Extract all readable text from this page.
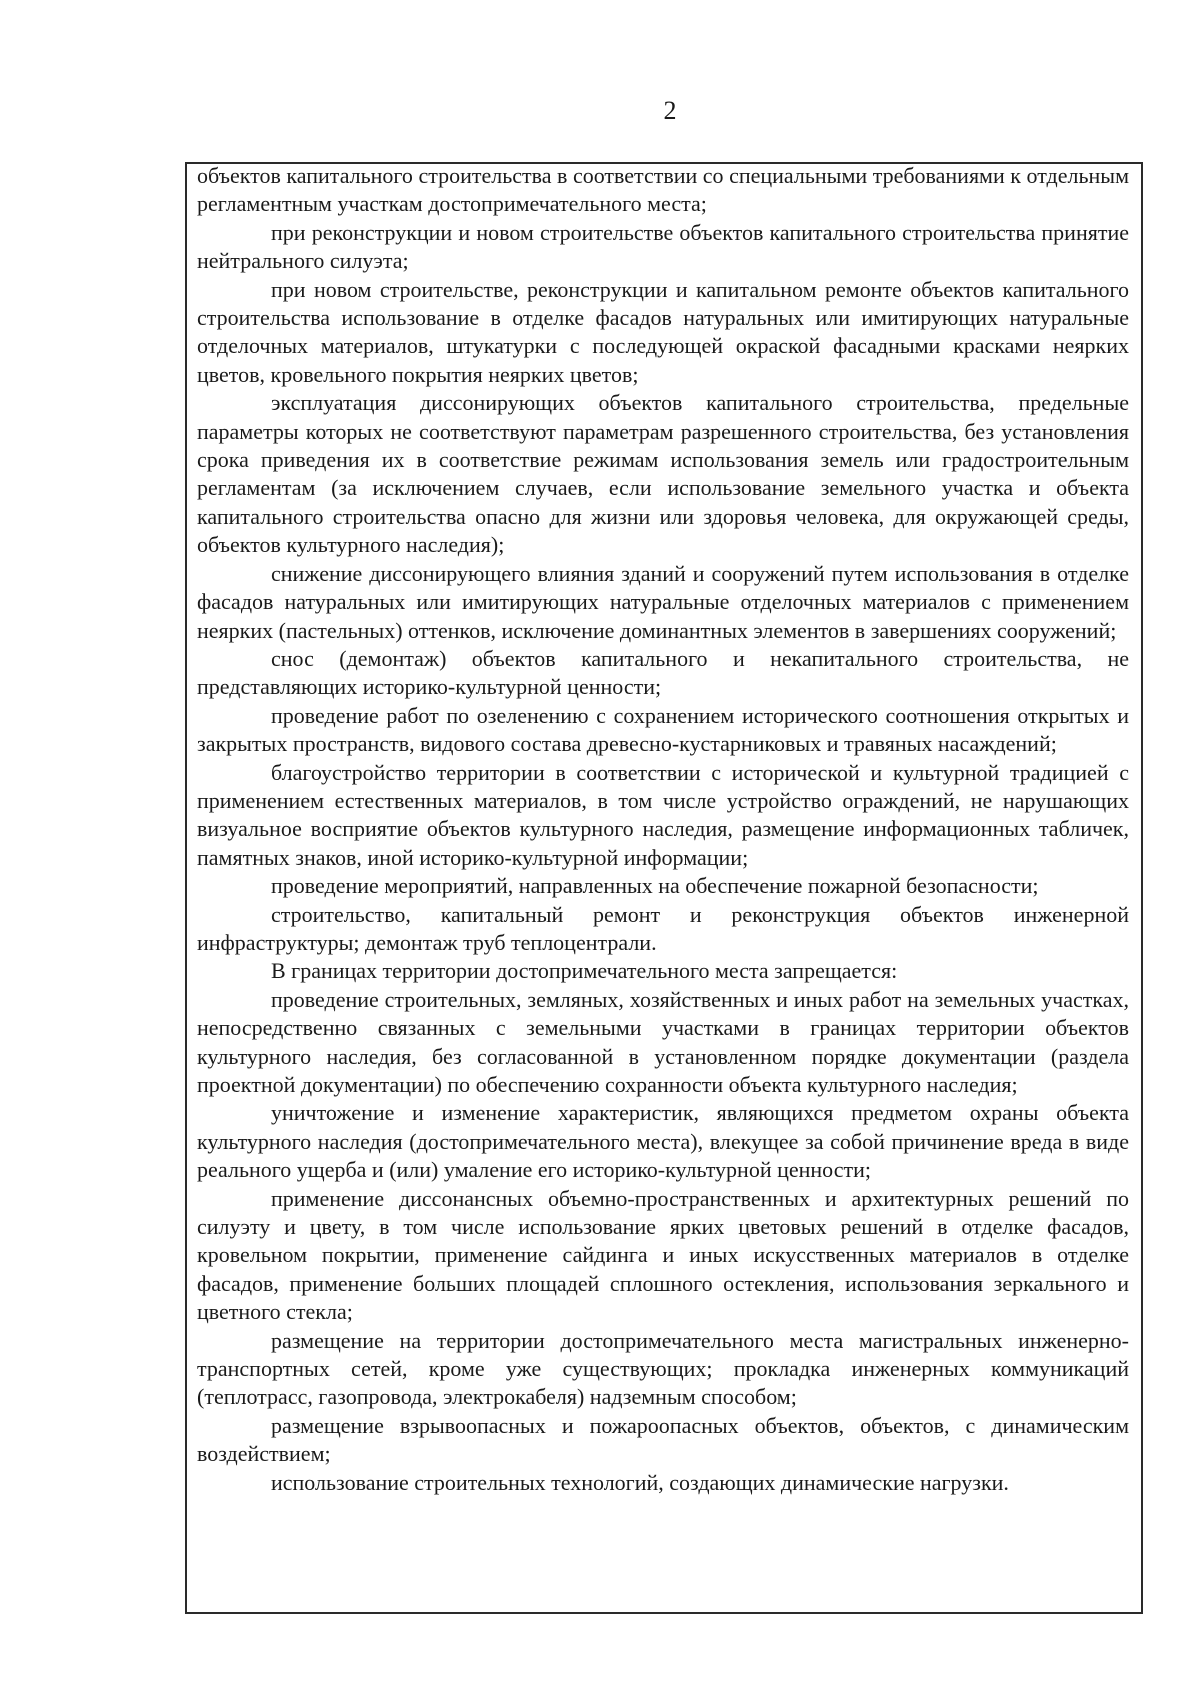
2

объектов капитального строительства в соответствии со специальными требованиями к отдельным регламентным участкам достопримечательного места;

при реконструкции и новом строительстве объектов капитального строительства принятие нейтрального силуэта;

при новом строительстве, реконструкции и капитальном ремонте объектов капитального строительства использование в отделке фасадов натуральных или имитирующих натуральные отделочных материалов, штукатурки с последующей окраской фасадными красками неярких цветов, кровельного покрытия неярких цветов;

эксплуатация диссонирующих объектов капитального строительства, предельные параметры которых не соответствуют параметрам разрешенного строительства, без установления срока приведения их в соответствие режимам использования земель или градостроительным регламентам (за исключением случаев, если использование земельного участка и объекта капитального строительства опасно для жизни или здоровья человека, для окружающей среды, объектов культурного наследия);

снижение диссонирующего влияния зданий и сооружений путем использования в отделке фасадов натуральных или имитирующих натуральные отделочных материалов с применением неярких (пастельных) оттенков, исключение доминантных элементов в завершениях сооружений;

снос (демонтаж) объектов капитального и некапитального строительства, не представляющих историко-культурной ценности;

проведение работ по озеленению с сохранением исторического соотношения открытых и закрытых пространств, видового состава древесно-кустарниковых и травяных насаждений;

благоустройство территории в соответствии с исторической и культурной традицией с применением естественных материалов, в том числе устройство ограждений, не нарушающих визуальное восприятие объектов культурного наследия, размещение информационных табличек, памятных знаков, иной историко-культурной информации;

проведение мероприятий, направленных на обеспечение пожарной безопасности;

строительство, капитальный ремонт и реконструкция объектов инженерной инфраструктуры; демонтаж труб теплоцентрали.

В границах территории достопримечательного места запрещается:

проведение строительных, земляных, хозяйственных и иных работ на земельных участках, непосредственно связанных с земельными участками в границах территории объектов культурного наследия, без согласованной в установленном порядке документации (раздела проектной документации) по обеспечению сохранности объекта культурного наследия;

уничтожение и изменение характеристик, являющихся предметом охраны объекта культурного наследия (достопримечательного места), влекущее за собой причинение вреда в виде реального ущерба и (или) умаление его историко-культурной ценности;

применение диссонансных объемно-пространственных и архитектурных решений по силуэту и цвету, в том числе использование ярких цветовых решений в отделке фасадов, кровельном покрытии, применение сайдинга и иных искусственных материалов в отделке фасадов, применение больших площадей сплошного остекления, использования зеркального и цветного стекла;

размещение на территории достопримечательного места магистральных инженерно-транспортных сетей, кроме уже существующих; прокладка инженерных коммуникаций (теплотрасс, газопровода, электрокабеля) надземным способом;

размещение взрывоопасных и пожароопасных объектов, объектов, с динамическим воздействием;

использование строительных технологий, создающих динамические нагрузки.
